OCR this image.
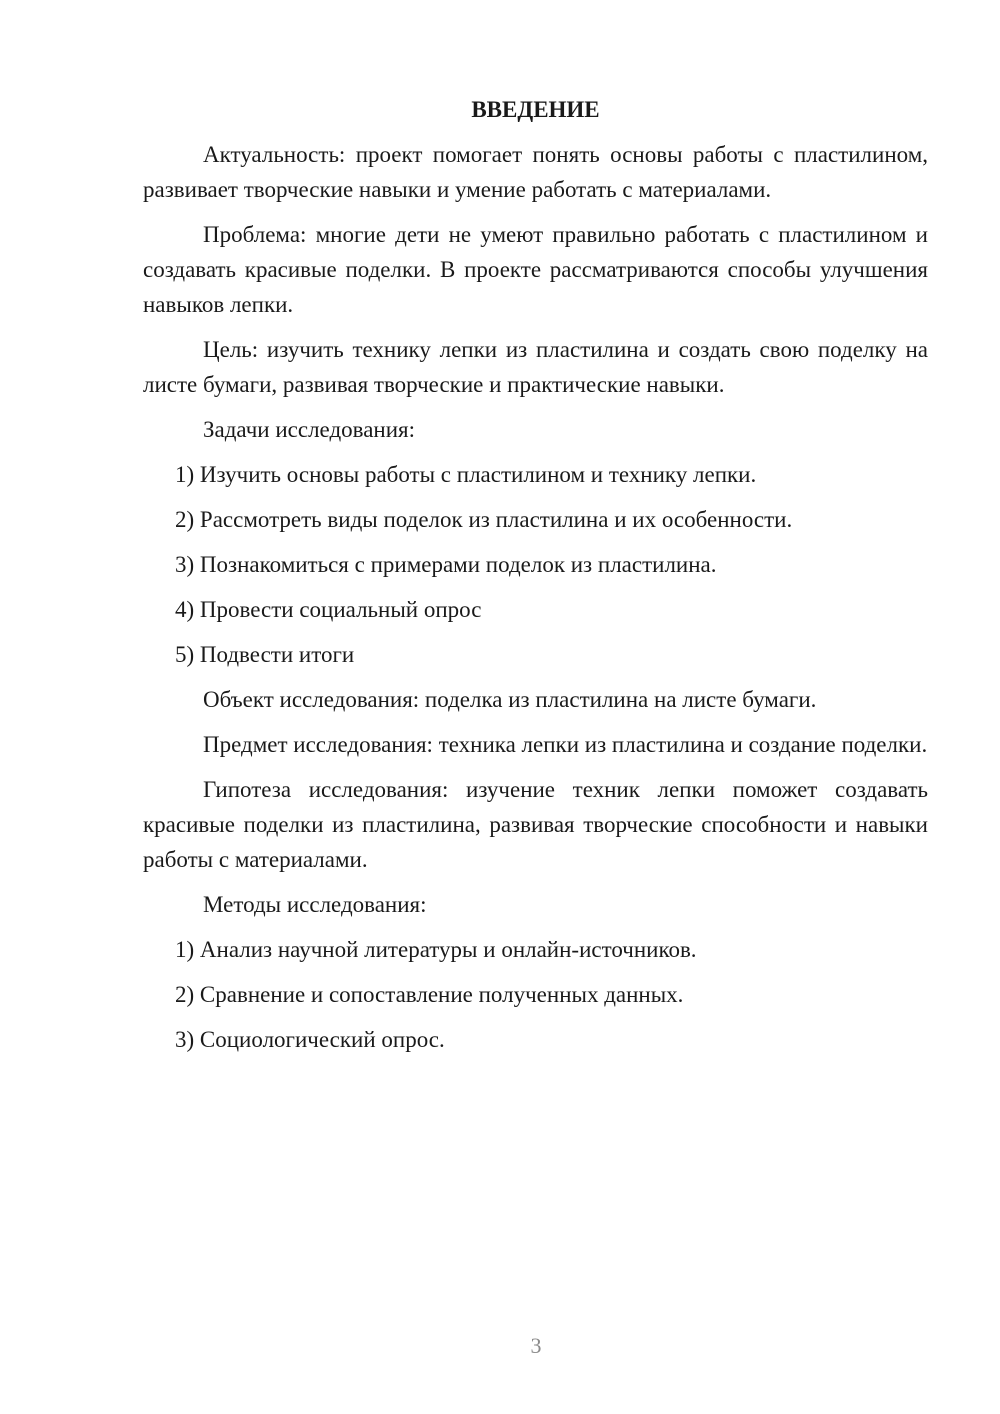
ВВЕДЕНИЕ

Актуальность: проект помогает понять основы работы с пластилином, развивает творческие навыки и умение работать с материалами.

Проблема: многие дети не умеют правильно работать с пластилином и создавать красивые поделки. В проекте рассматриваются способы улучшения навыков лепки.

Цель: изучить технику лепки из пластилина и создать свою поделку на листе бумаги, развивая творческие и практические навыки.

Задачи исследования:

1) Изучить основы работы с пластилином и технику лепки.

2) Рассмотреть виды поделок из пластилина и их особенности.

3) Познакомиться с примерами поделок из пластилина.

4) Провести социальный опрос

5) Подвести итоги

Объект исследования: поделка из пластилина на листе бумаги.

Предмет исследования: техника лепки из пластилина и создание поделки.

Гипотеза исследования: изучение техник лепки поможет создавать красивые поделки из пластилина, развивая творческие способности и навыки работы с материалами.

Методы исследования:

1) Анализ научной литературы и онлайн-источников.

2) Сравнение и сопоставление полученных данных.

3) Социологический опрос.

3
